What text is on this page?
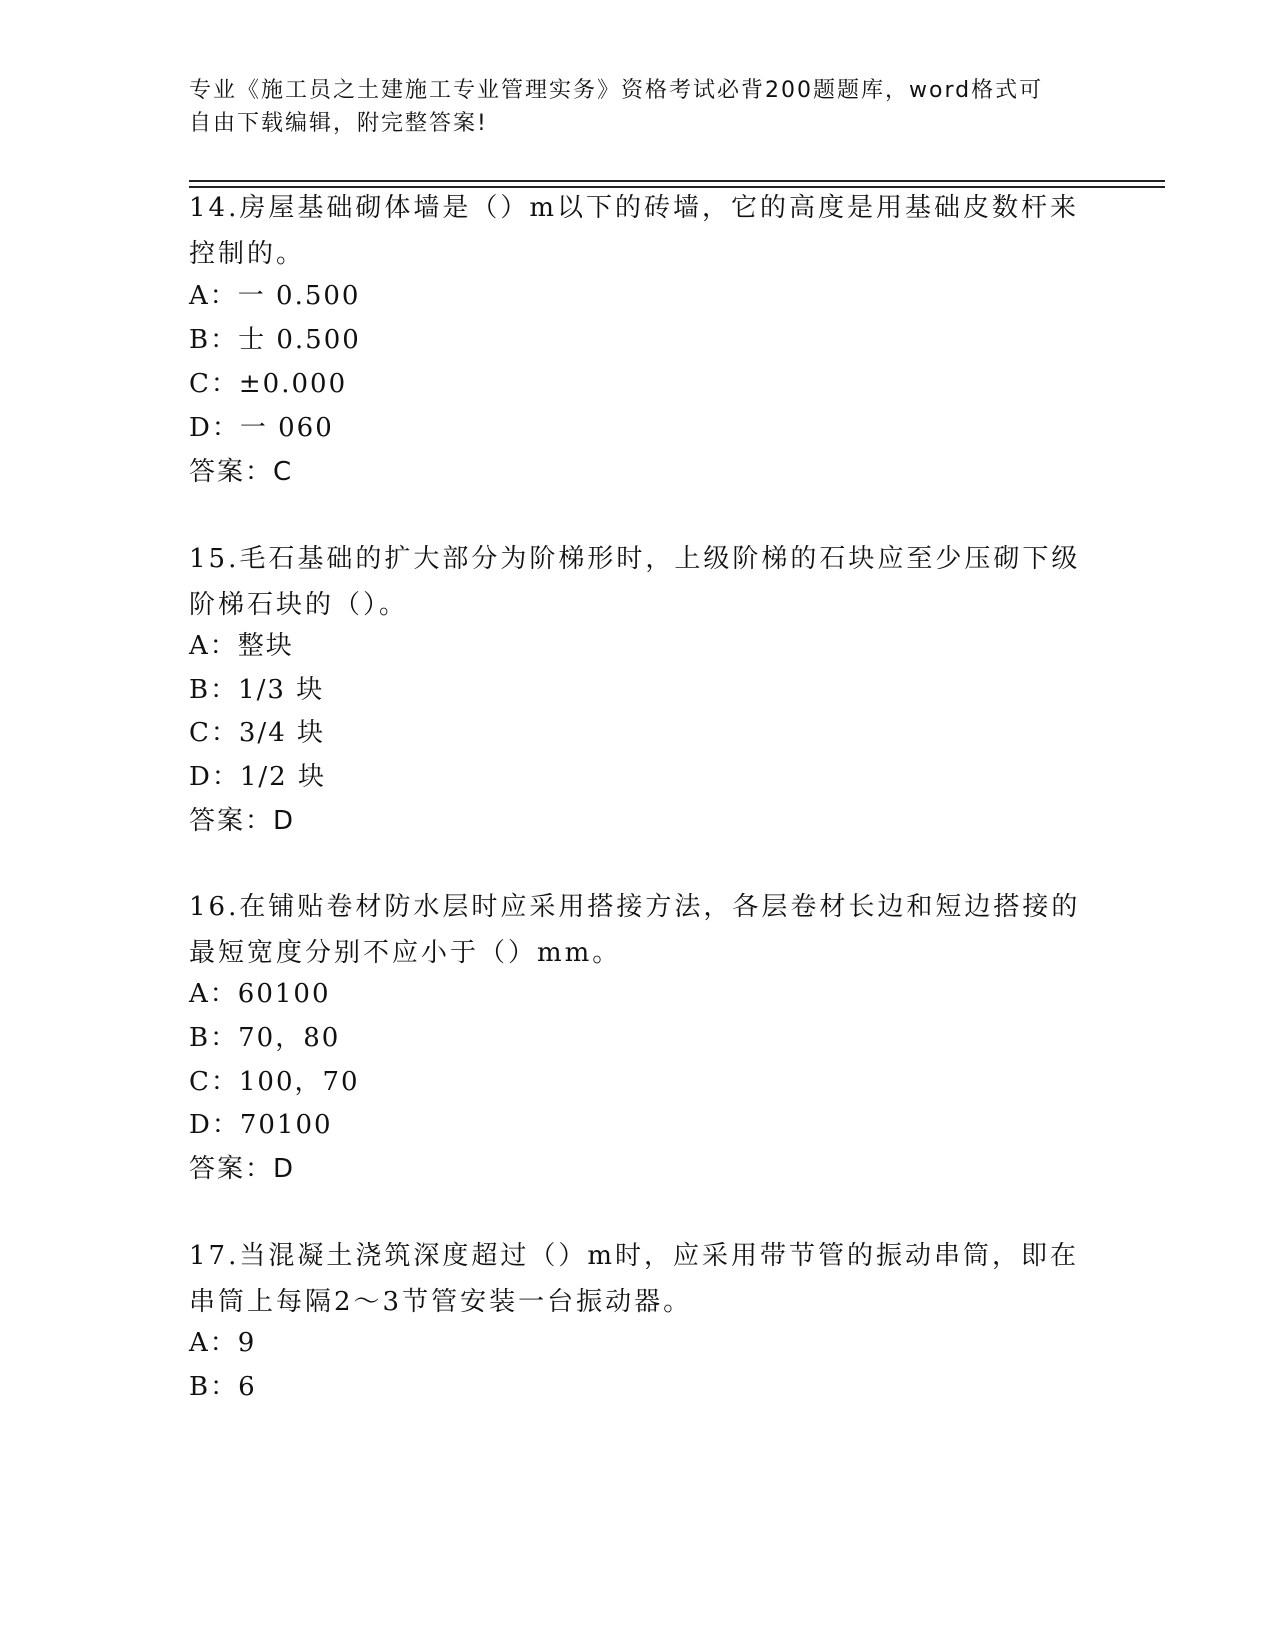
专业《施工员之土建施工专业管理实务》资格考试必背200题题库，word格式可
自由下载编辑，附完整答案!
14.房屋基础砌体墙是（）m以下的砖墙，它的高度是用基础皮数杆来
控制的。
A：一 0.500
B：士 0.500
C：±0.000
D：一 060
答案：C
15.毛石基础的扩大部分为阶梯形时，上级阶梯的石块应至少压砌下级
阶梯石块的（）。
A：整块
B：1/3 块
C：3/4 块
D：1/2 块
答案：D
16.在铺贴卷材防水层时应采用搭接方法，各层卷材长边和短边搭接的
最短宽度分别不应小于（）mm。
A：60100
B：70，80
C：100，70
D：70100
答案：D
17.当混凝土浇筑深度超过（）m时，应采用带节管的振动串筒，即在
串筒上每隔2～3节管安装一台振动器。
A：9
B：6
